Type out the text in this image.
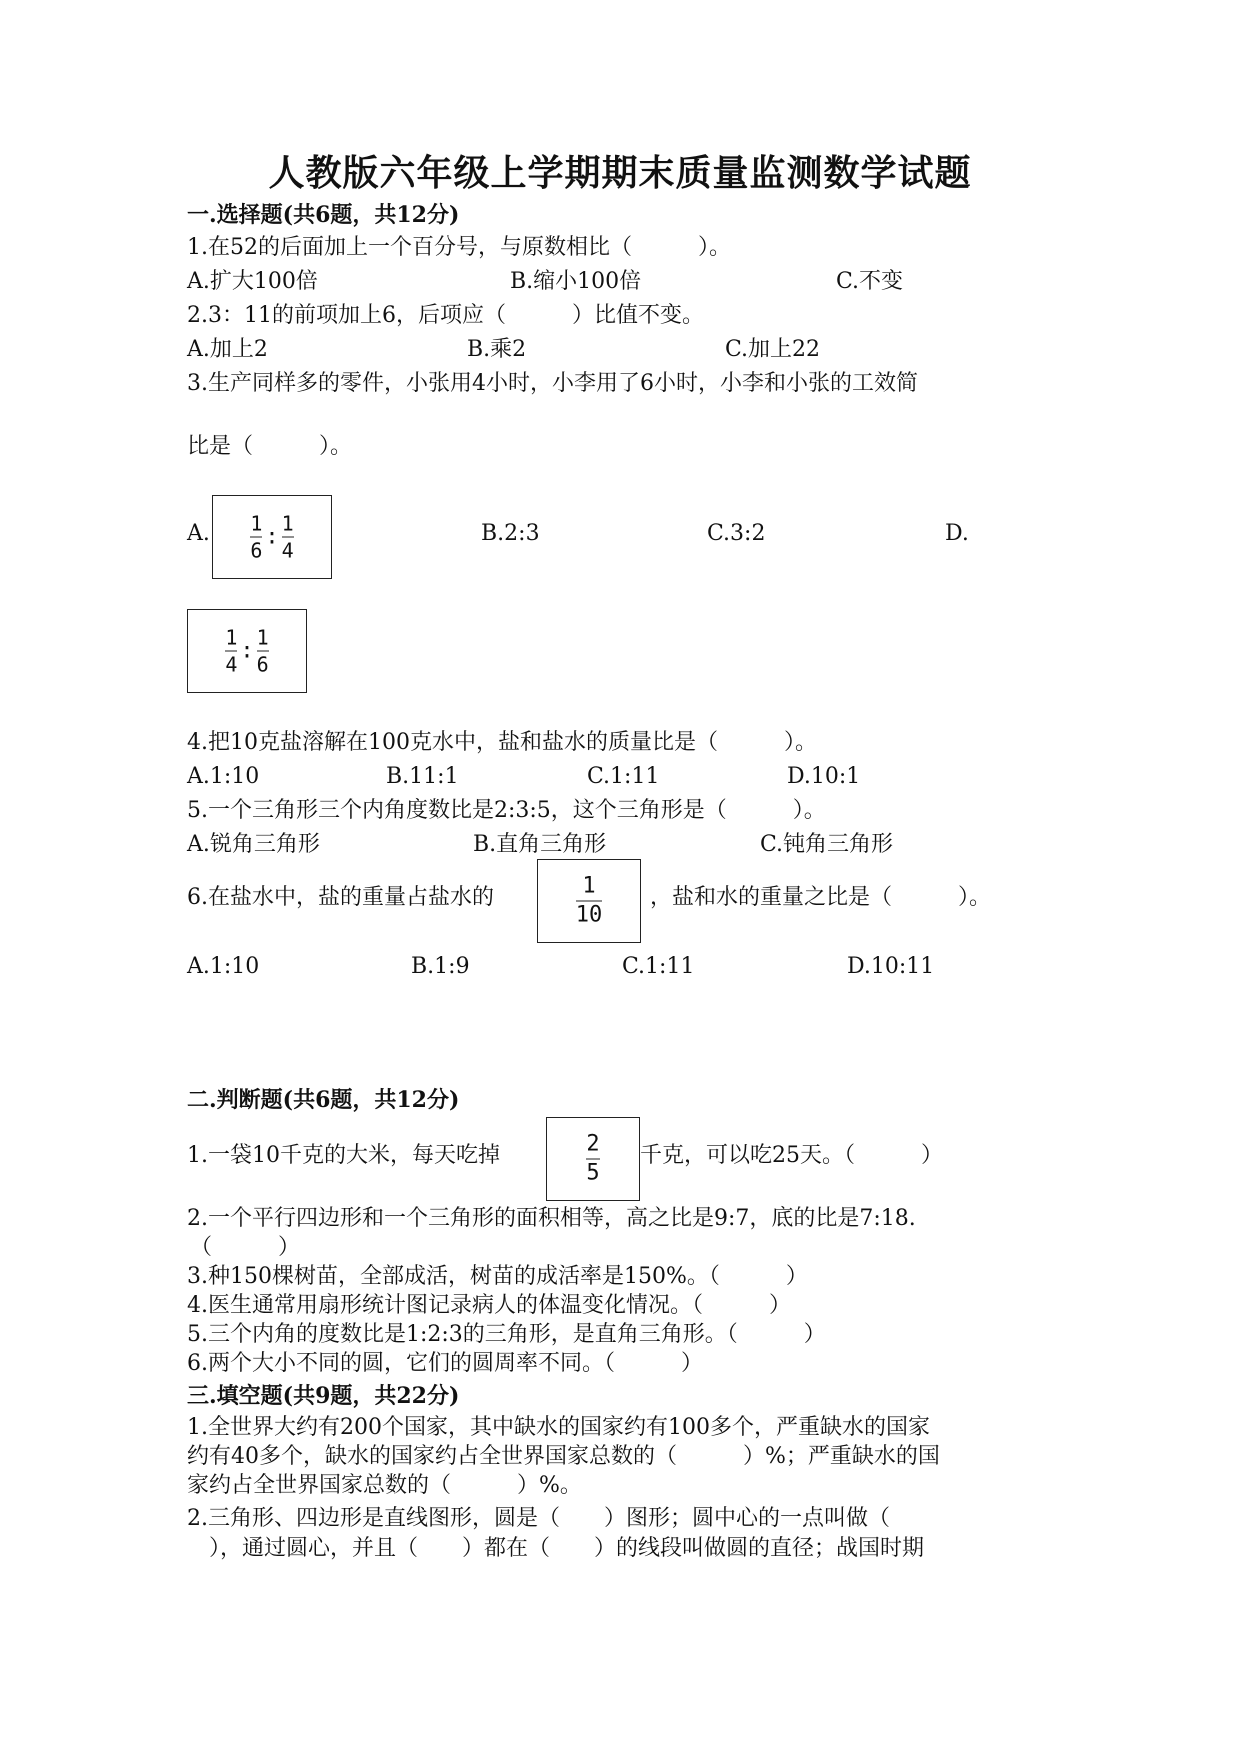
人教版六年级上学期期末质量监测数学试题
一.选择题(共6题，共12分)
1.在52的后面加上一个百分号，与原数相比（　　　）。
A.扩大100倍	B.缩小100倍	C.不变
2.3：11的前项加上6，后项应（　　　）比值不变。
A.加上2	B.乘2	C.加上22
3.生产同样多的零件，小张用4小时，小李用了6小时，小李和小张的工效简
比是（　　　）。
A. 1
6
:
1
4
B.2:3	C.3:2	D.
1
4
:
1
6
4.把10克盐溶解在100克水中，盐和盐水的质量比是（　　　）。
A.1:10	B.11:1	C.1:11	D.10:1
5.一个三角形三个内角度数比是2:3:5，这个三角形是（　　　）。
A.锐角三角形	B.直角三角形	C.钝角三角形
6.在盐水中，盐的重量占盐水的	1
10
，盐和水的重量之比是（　　　）。
A.1:10	B.1:9	C.1:11	D.10:11
二.判断题(共6题，共12分)
1.一袋10千克的大米，每天吃掉	2
5
千克，可以吃25天。（　　　）
2.一个平行四边形和一个三角形的面积相等，高之比是9:7，底的比是7:18.
（　　　）
3.种150棵树苗，全部成活，树苗的成活率是150%。（　　　）
4.医生通常用扇形统计图记录病人的体温变化情况。（　　　）
5.三个内角的度数比是1:2:3的三角形，是直角三角形。（　　　）
6.两个大小不同的圆，它们的圆周率不同。（　　　）
三.填空题(共9题，共22分)
1.全世界大约有200个国家，其中缺水的国家约有100多个，严重缺水的国家
约有40多个，缺水的国家约占全世界国家总数的（　　　）%；严重缺水的国
家约占全世界国家总数的（　　　）%。
2.三角形、四边形是直线图形，圆是（　　）图形；圆中心的一点叫做（
　），通过圆心，并且（　　）都在（　　）的线段叫做圆的直径；战国时期
